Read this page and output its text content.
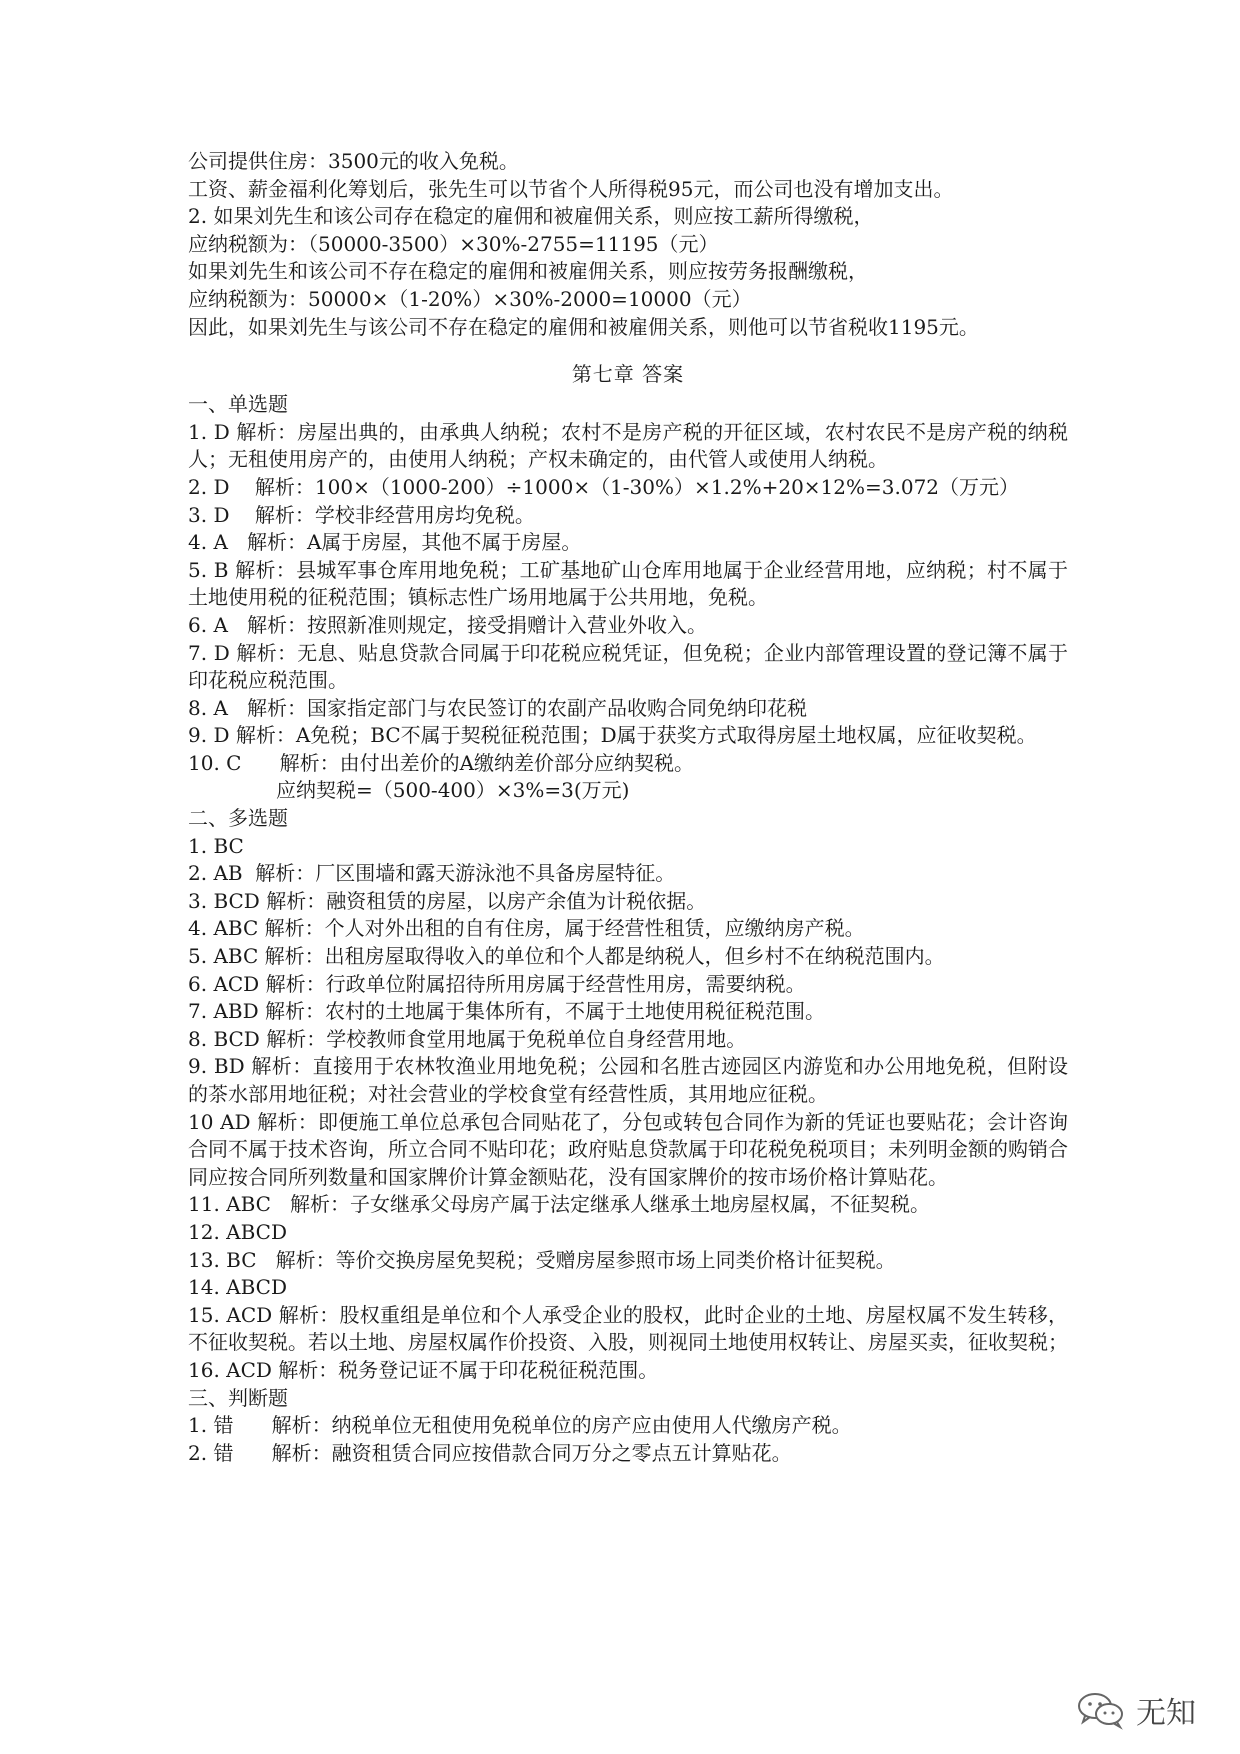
公司提供住房：3500元的收入免税。

工资、薪金福利化筹划后，张先生可以节省个人所得税95元，而公司也没有增加支出。

2. 如果刘先生和该公司存在稳定的雇佣和被雇佣关系，则应按工薪所得缴税，

应纳税额为：（50000-3500）×30%-2755=11195（元）

如果刘先生和该公司不存在稳定的雇佣和被雇佣关系，则应按劳务报酬缴税，

应纳税额为：50000×（1-20%）×30%-2000=10000（元）

因此，如果刘先生与该公司不存在稳定的雇佣和被雇佣关系，则他可以节省税收1195元。

第七章 答案

一、单选题

1. D 解析：房屋出典的，由承典人纳税；农村不是房产税的开征区域，农村农民不是房产税的纳税人；无租使用房产的，由使用人纳税；产权未确定的，由代管人或使用人纳税。

2. D    解析：100×（1000-200）÷1000×（1-30%）×1.2%+20×12%=3.072（万元）

3. D    解析：学校非经营用房均免税。

4. A   解析：A属于房屋，其他不属于房屋。

5. B 解析：县城军事仓库用地免税；工矿基地矿山仓库用地属于企业经营用地，应纳税；村不属于土地使用税的征税范围；镇标志性广场用地属于公共用地，免税。

6. A   解析：按照新准则规定，接受捐赠计入营业外收入。

7. D 解析：无息、贴息贷款合同属于印花税应税凭证，但免税；企业内部管理设置的登记簿不属于印花税应税范围。

8. A   解析：国家指定部门与农民签订的农副产品收购合同免纳印花税

9. D 解析：A免税；BC不属于契税征税范围；D属于获奖方式取得房屋土地权属，应征收契税。

10. C      解析：由付出差价的A缴纳差价部分应纳契税。

应纳契税=（500-400）×3%=3(万元)

二、多选题

1. BC

2. AB  解析：厂区围墙和露天游泳池不具备房屋特征。

3. BCD 解析：融资租赁的房屋，以房产余值为计税依据。

4. ABC 解析：个人对外出租的自有住房，属于经营性租赁，应缴纳房产税。

5. ABC 解析：出租房屋取得收入的单位和个人都是纳税人，但乡村不在纳税范围内。

6. ACD 解析：行政单位附属招待所用房属于经营性用房，需要纳税。

7. ABD 解析：农村的土地属于集体所有，不属于土地使用税征税范围。

8. BCD 解析：学校教师食堂用地属于免税单位自身经营用地。

9. BD 解析：直接用于农林牧渔业用地免税；公园和名胜古迹园区内游览和办公用地免税，但附设的茶水部用地征税；对社会营业的学校食堂有经营性质，其用地应征税。

10 AD 解析：即便施工单位总承包合同贴花了，分包或转包合同作为新的凭证也要贴花；会计咨询合同不属于技术咨询，所立合同不贴印花；政府贴息贷款属于印花税免税项目；未列明金额的购销合同应按合同所列数量和国家牌价计算金额贴花，没有国家牌价的按市场价格计算贴花。

11. ABC   解析：子女继承父母房产属于法定继承人继承土地房屋权属，不征契税。

12. ABCD

13. BC   解析：等价交换房屋免契税；受赠房屋参照市场上同类价格计征契税。

14. ABCD

15. ACD 解析：股权重组是单位和个人承受企业的股权，此时企业的土地、房屋权属不发生转移，不征收契税。若以土地、房屋权属作价投资、入股，则视同土地使用权转让、房屋买卖，征收契税；

16. ACD 解析：税务登记证不属于印花税征税范围。

三、判断题

1. 错      解析：纳税单位无租使用免税单位的房产应由使用人代缴房产税。

2. 错      解析：融资租赁合同应按借款合同万分之零点五计算贴花。

无知
